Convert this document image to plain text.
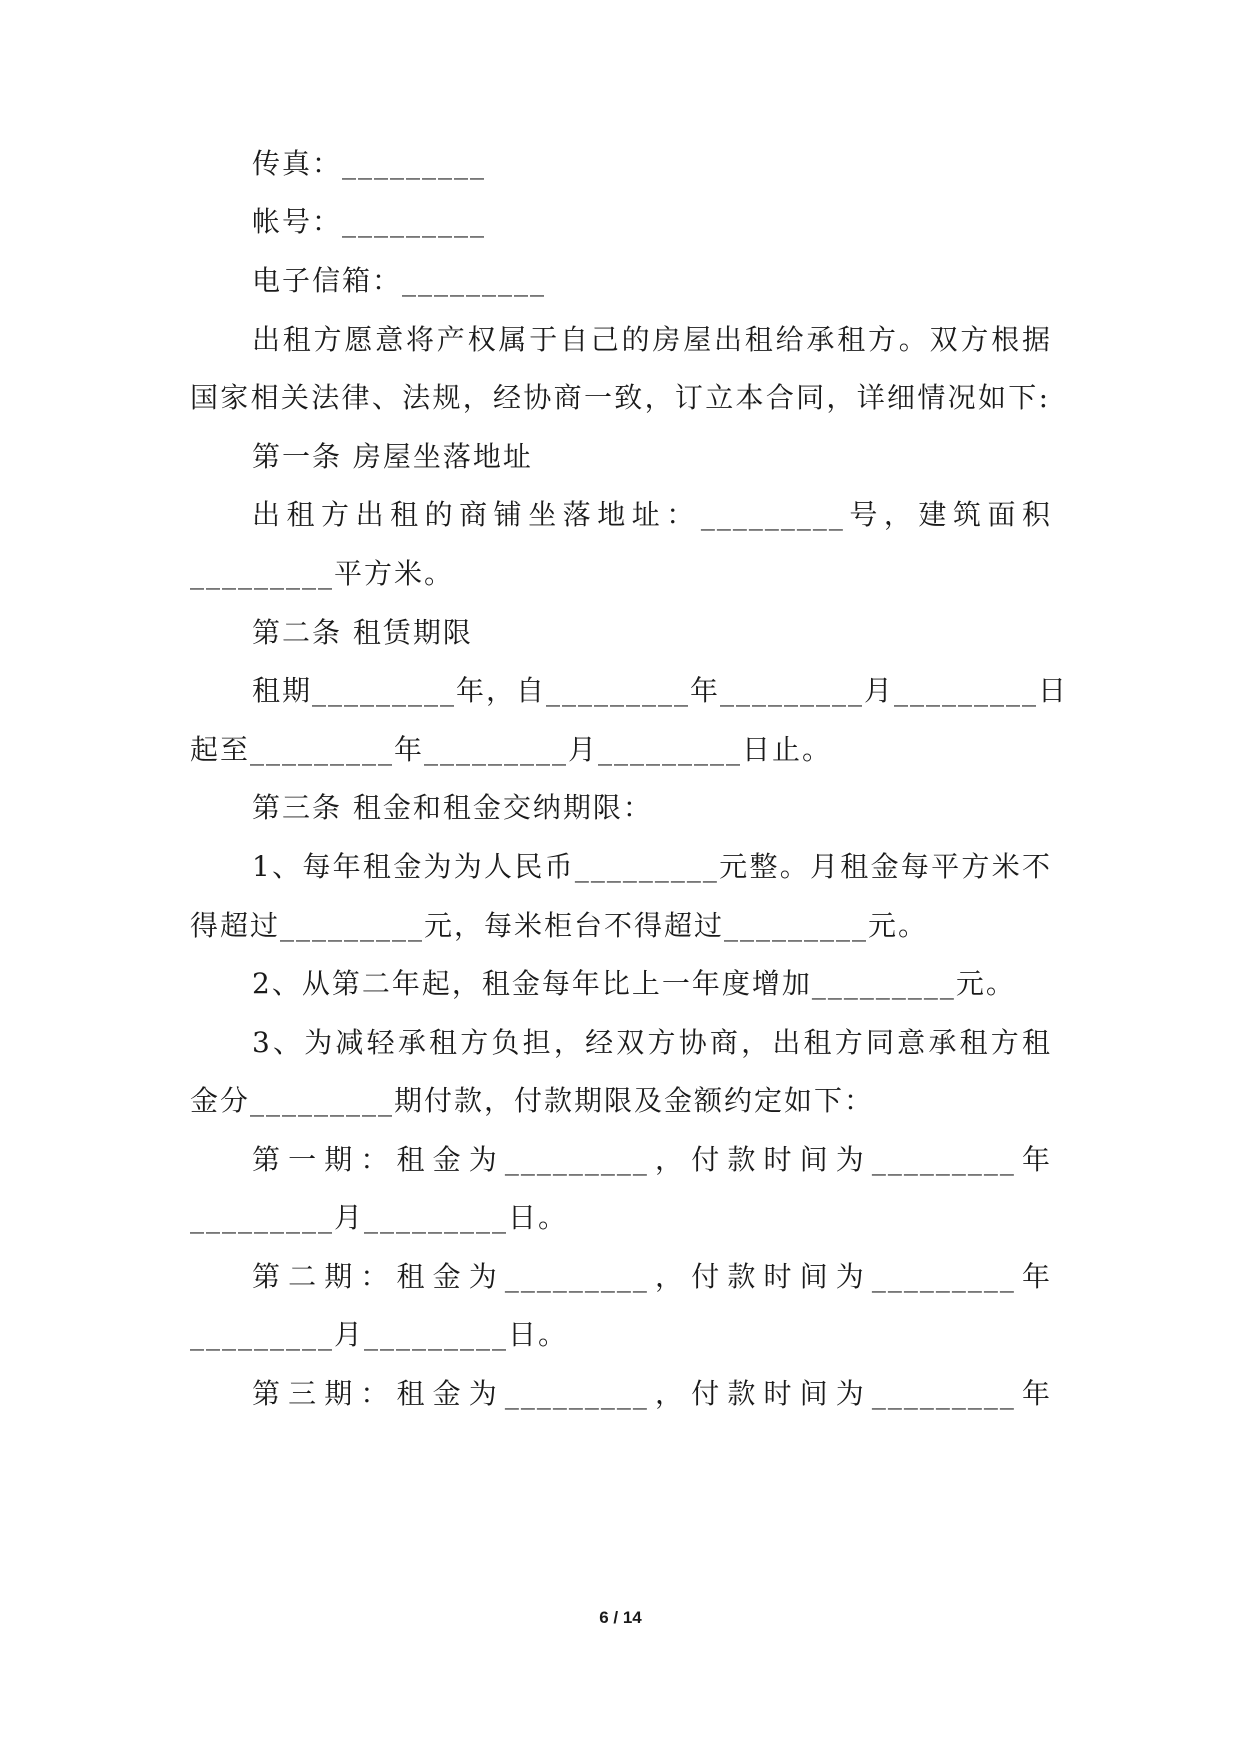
传真：_________
帐号：_________
电子信箱：_________
出租方愿意将产权属于自己的房屋出租给承租方。双方根据
国家相关法律、法规，经协商一致，订立本合同，详细情况如下:
第一条 房屋坐落地址
出租方出租的商铺坐落地址：_________号，建筑面积
_________平方米。
第二条 租赁期限
租期_________年，自_________年_________月_________日
起至_________年_________月_________日止。
第三条 租金和租金交纳期限：
1、每年租金为为人民币_________元整。月租金每平方米不
得超过_________元，每米柜台不得超过_________元。
2、从第二年起，租金每年比上一年度增加_________元。
3、为减轻承租方负担，经双方协商，出租方同意承租方租
金分_________期付款，付款期限及金额约定如下：
第一期：租金为_________，付款时间为_________年
_________月_________日。
第二期：租金为_________，付款时间为_________年
_________月_________日。
第三期：租金为_________，付款时间为_________年
6 / 14
